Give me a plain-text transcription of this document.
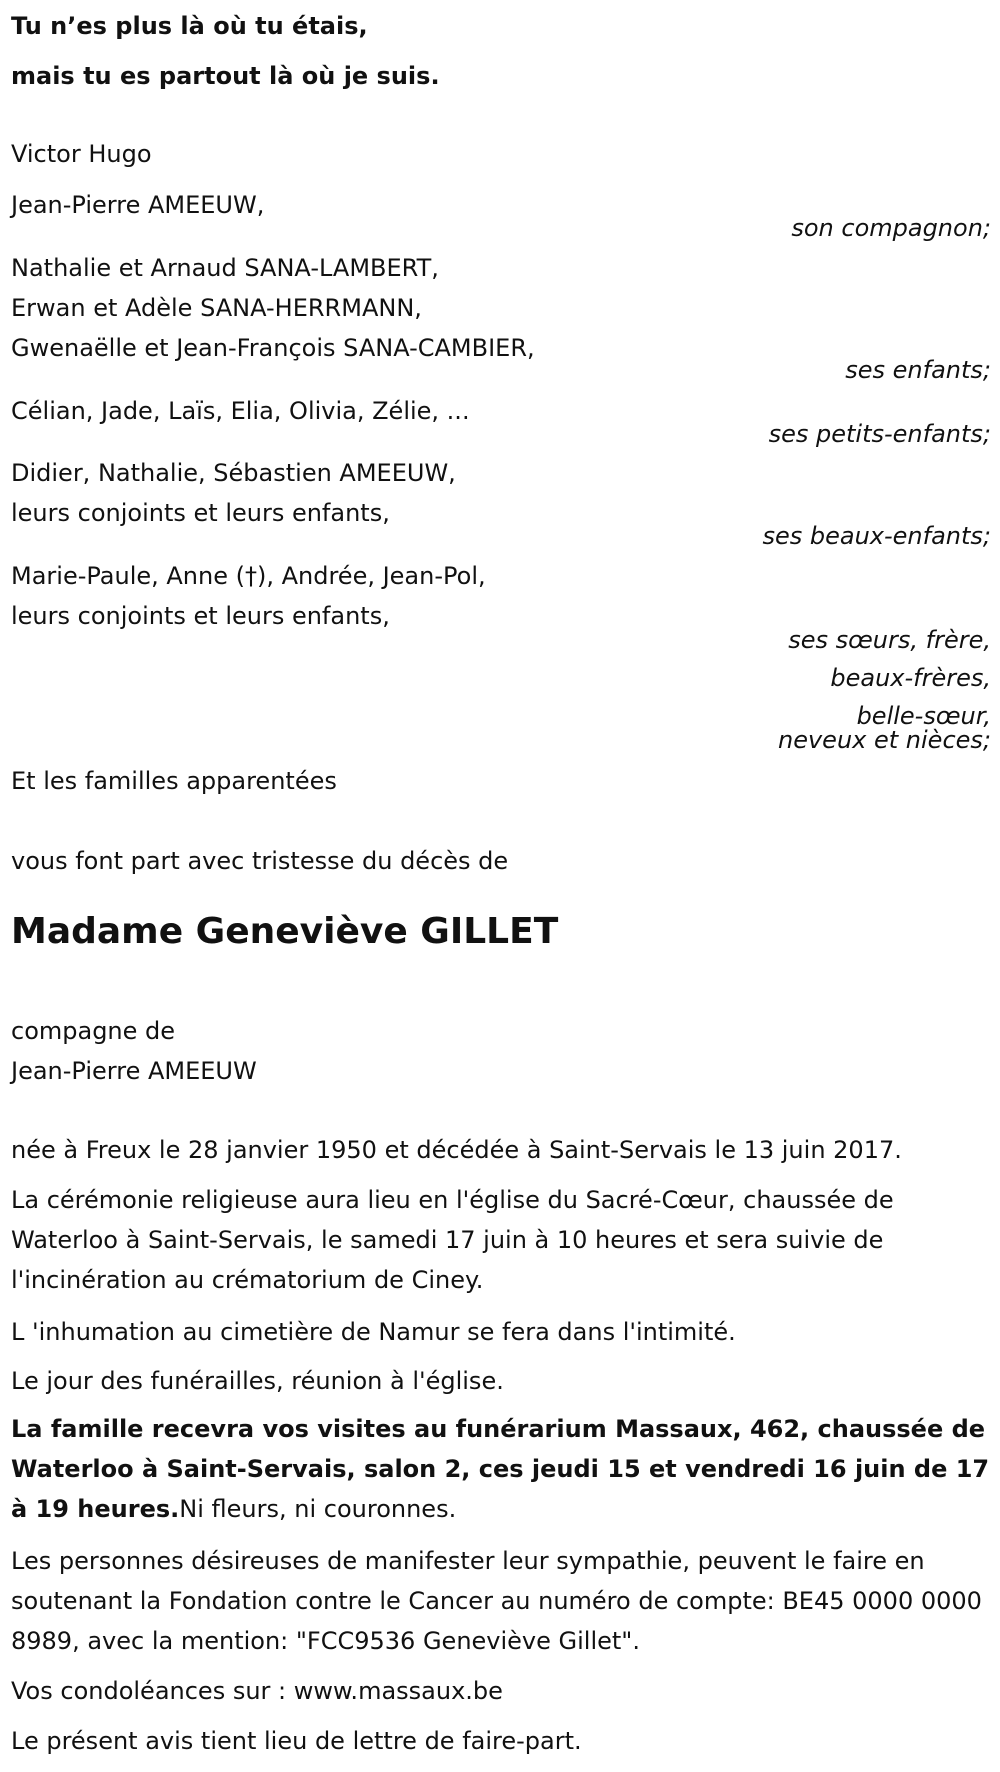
Tu n’es plus là où tu étais,
mais tu es partout là où je suis.
Victor Hugo
Jean-Pierre AMEEUW,
son compagnon;
Nathalie et Arnaud SANA-LAMBERT,
Erwan et Adèle SANA-HERRMANN,
Gwenaëlle et Jean-François SANA-CAMBIER,
ses enfants;
Célian, Jade, Laïs, Elia, Olivia, Zélie, ...
ses petits-enfants;
Didier, Nathalie, Sébastien AMEEUW,
leurs conjoints et leurs enfants,
ses beaux-enfants;
Marie-Paule, Anne (†), Andrée, Jean-Pol,
leurs conjoints et leurs enfants,
ses sœurs, frère,
beaux-frères,
belle-sœur,
neveux et nièces;
Et les familles apparentées
vous font part avec tristesse du décès de
Madame Geneviève GILLET
compagne de
Jean-Pierre AMEEUW
née à Freux le 28 janvier 1950 et décédée à Saint-Servais le 13 juin 2017.
La cérémonie religieuse aura lieu en l'église du Sacré-Cœur, chaussée de Waterloo à Saint-Servais, le samedi 17 juin à 10 heures et sera suivie de l'incinération au crématorium de Ciney.
L 'inhumation au cimetière de Namur se fera dans l'intimité.
Le jour des funérailles, réunion à l'église.
La famille recevra vos visites au funérarium Massaux, 462, chaussée de Waterloo à Saint-Servais, salon 2, ces jeudi 15 et vendredi 16 juin de 17 à 19 heures.Ni fleurs, ni couronnes.
Les personnes désireuses de manifester leur sympathie, peuvent le faire en soutenant la Fondation contre le Cancer au numéro de compte: BE45 0000 0000 8989, avec la mention: "FCC9536 Geneviève Gillet".
Vos condoléances sur : www.massaux.be
Le présent avis tient lieu de lettre de faire-part.
